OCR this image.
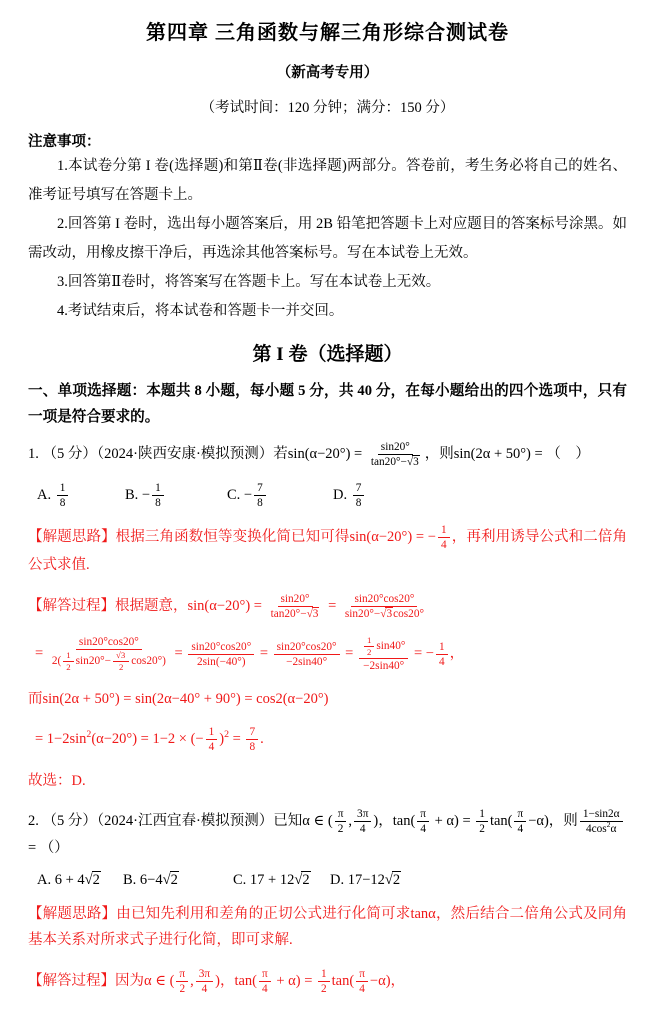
第四章 三角函数与解三角形综合测试卷
（新高考专用）
（考试时间：120 分钟；满分：150 分）
注意事项：

1.本试卷分第 I 卷(选择题)和第Ⅱ卷(非选择题)两部分。答卷前，考生务必将自己的姓名、准考证号填写在答题卡上。

2.回答第 I 卷时，选出每小题答案后，用 2B 铅笔把答题卡上对应题目的答案标号涂黑。如需改动，用橡皮擦干净后，再选涂其他答案标号。写在本试卷上无效。

3.回答第Ⅱ卷时，将答案写在答题卡上。写在本试卷上无效。

4.考试结束后，将本试卷和答题卡一并交回。

第 I 卷（选择题）

一、单项选择题：本题共 8 小题，每小题 5 分，共 40 分，在每小题给出的四个选项中，只有一项是符合要求的。

1. （5 分）（2024·陕西安康·模拟预测）若$\sin(\alpha-20^\circ) = \frac{\sin 20^\circ}{\tan 20^\circ-√3}$ ，则sin(2α + 50°) = （　）

A. $\frac{1}{8}$	B. − $\frac{1}{8}$	C. − $\frac{7}{8}$	D. $\frac{7}{8}$

【解题思路】根据三角函数恒等变换化简已知可得sin(α−20°) = − $\frac{1}{4}$ ，再利用诱导公式和二倍角公式求值.

【解答过程】根据题意，$\sin(\alpha-20^\circ) = \frac{\sin 20^\circ}{\tan 20^\circ-√3} = \frac{\sin 20^\circ\cos 20^\circ}{\sin 20^\circ-√3\cos 20^\circ}$

= $\frac{\sin 20^\circ\cos 20^\circ}{2( \frac{1}{2} \sin 20^\circ- \frac{√3}{2} \cos 20^\circ)} = \frac{\sin 20^\circ\cos 20^\circ}{2\sin(-40^\circ)} = \frac{\sin 20^\circ\cos 20^\circ}{-2\sin 40^\circ} = \frac{\frac{1}{2} \sin 40^\circ}{-2\sin 40^\circ}$ = − $\frac{1}{4}$ ，

而sin(2α + 50°) = sin(2α−40° + 90°) = cos2(α−20°)

= $1-2\sin^2(\alpha-20^\circ) = 1-2$ × (− $\frac{1}{4} )^2 = \frac{7}{8}$ .

故选：D.

2. （5 分）（2024·江西宜春·模拟预测）已知α ∈ ( $\frac{\pi}{2}$ , $\frac{3\pi}{4}$ )，$\tan( \frac{\pi}{4} + \alpha) = \frac{1}{2} \tan( \frac{\pi}{4} -\alpha)$，则 $\frac{1-\sin 2\alpha}{4\cos^2\alpha}$
= （）

A. 6 + 4√2	B. 6−4√2	C. 17 + 12√2	D. 17−12√2

【解题思路】由已知先利用和差角的正切公式进行化简可求tanα，然后结合二倍角公式及同角基本关系对所求式子进行化简，即可求解.

【解答过程】因为α ∈ ( $\frac{\pi}{2}$ , $\frac{3\pi}{4}$ )，$\tan( \frac{\pi}{4} + \alpha) = \frac{1}{2} \tan( \frac{\pi}{4} -\alpha)$，
